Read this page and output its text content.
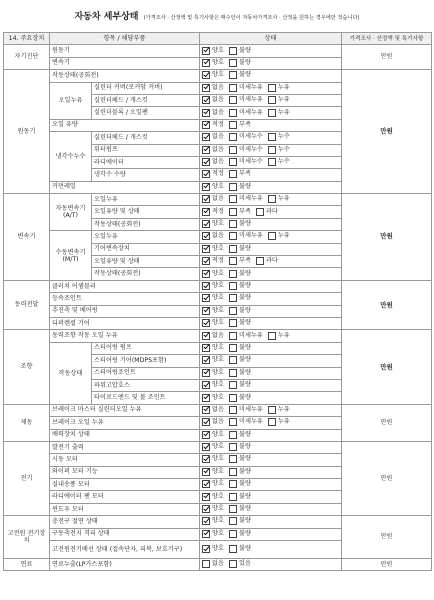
자동차 세부상태 (가격조사 · 산정액 및 특기사항은 매수인이 자동차가격조사 · 산정을 원하는 경우에만 적습니다)
14. 주요장치	항목 / 해당부품		상태	가격조사 · 산정액 및 특기사항
자기진단	원동기		양호 불량	만원
	변속기		양호 불량	
원동기	작동상태(공회전)		양호 불량	만원
	오일누유	실린더 커버(로커암 커버)	없음 미세누유 누유	
		실린더헤드 / 개스킷	없음 미세누유 누유	
		실린더블록 / 오일팬	없음 미세누유 누유	
	오일 유량		적정 부족	
	냉각수누수	실린더헤드 / 개스킷	없음 미세누수 누수	
		워터펌프	없음 미세누수 누수	
		라디에이터	없음 미세누수 누수	
		냉각수 수량	적정 부족	
	커먼레일		양호 불량	
변속기	자동변속기 (A/T)	오일누유	없음 미세누유 누유	만원
		오일유량 및 상태	적정 부족 과다	
		작동상태(공회전)	양호 불량	
	수동변속기 (M/T)	오일누유	없음 미세누유 누유	
		기어변속장치	양호 불량	
		오일유량 및 상태	적정 부족 과다	
		작동상태(공회전)	양호 불량	
동력전달	클러치 어셈블리		양호 불량	만원
	등속조인트		양호 불량	
	추진축 및 베어링		양호 불량	
	디퍼렌셜 기어		양호 불량	
조향	동력조향 작동 오일 누유		없음 미세누유 누유	만원
	작동상태	스티어링 펌프	양호 불량	
		스티어링 기어(MDPS포함)	양호 불량	
		스티어링조인트	양호 불량	
		파워고압호스	양호 불량	
		타이로드엔드 및 볼 조인트	양호 불량	
제동	브레이크 마스터 실린더오일 누유		없음 미세누유 누유	만원
	브레이크 오일 누유		없음 미세누유 누유	
	배력장치 상태		양호 불량	
전기	발전기 출력		양호 불량	만원
	시동 모터		양호 불량	
	와이퍼 모터 기능		양호 불량	
	실내송풍 모터		양호 불량	
	라디에이터 팬 모터		양호 불량	
	윈도우 모터		양호 불량	
고전원 전기장치	충전구 절연 상태		양호 불량	만원
	구동축전지 격리 상태		양호 불량	
	고전원전기배선 상태 (접속단자, 피복, 보호기구)		양호 불량	
연료	연료누출(LP가스포함)		없음 있음	만원
